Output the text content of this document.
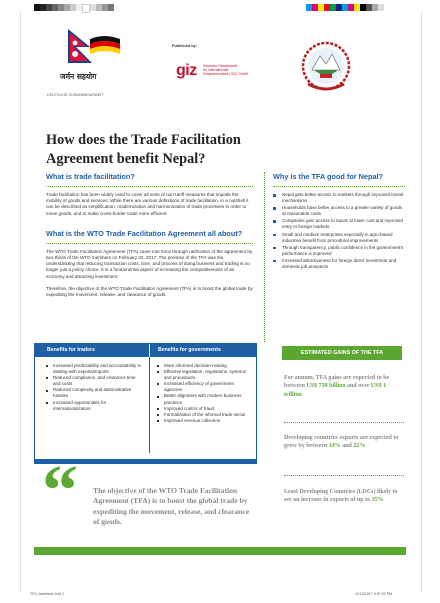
जर्मन सहयोग
DEUTSCHE ZUSAMMENARBEIT
Published by:
giz Deutsche Gesellschaft
für Internationale
Zusammenarbeit (GIZ) GmbH
How does the Trade Facilitation
Agreement benefit Nepal?
What is trade facilitation?

Trade facilitation has been widely used to cover all sorts of non-tariff measures that impede the mobility of goods and services. While there are various definitions of trade facilitation, in a nutshell it can be described as simplification, modernization and harmonization of trade processes in order to move goods, and to make cross-border trade more efficient.

What is the WTO Trade Facilitation Agreement all about?

The WTO Trade Facilitation Agreement (TFA) came into force through ratification of the agreement by two-thirds of the WTO members on February 22, 2017. The premise of the TFA was the understanding that reducing transaction costs, time, and process of doing business and trading is no longer just a policy choice. It is a fundamental aspect of increasing the competitiveness of an economy and attracting investment.

Therefore, the objective of the WTO Trade Facilitation Agreement (TFA) is to boost the global trade by expediting the movement, release, and clearance of goods.

Benefits for traders	Benefits for governments
Increased predictability and accountability in dealing with exports/imports
Reduced compliance, and clearance time and costs
Reduced complexity and administrative hassles
Increased opportunities for internationalization
More informed decision-making
Effective legislation, regulations, systems and procedures
Increased efficiency of government agencies
Better alignment with modern business practices
Improved control of fraud
Formalization of the informal trade sector
Improved revenue collection
“ The objective of the WTO Trade Facilitation Agreement (TFA) is to boost the global trade by expediting the movement, release, and clearance of goods.
Why is the TFA good for Nepal?
Nepal gets better access to markets through improved transit mechanisms
Households have better access to a greater variety of goods at reasonable costs
Companies gain access to inputs at lower cost and improved entry to foreign markets
Small and medium enterprises especially in agro-based industries benefit from procedural improvements
Through transparency, public confidence in the government's performance is improved
Increased attractiveness for foreign direct investment and domestic job prospects
ESTIMATED GAINS OF THE TFA
For annum, TFA gains are expected to be between US$ 750 billion and over US$ 1 trillion
Developing countries exports are expected to grow by between 14% and 22%
Least Developing Countries (LDCs) likely to see an increase in exports of up to 35%
TFA_factsheet.indd 1	11/10/2017 4:57:32 PM
